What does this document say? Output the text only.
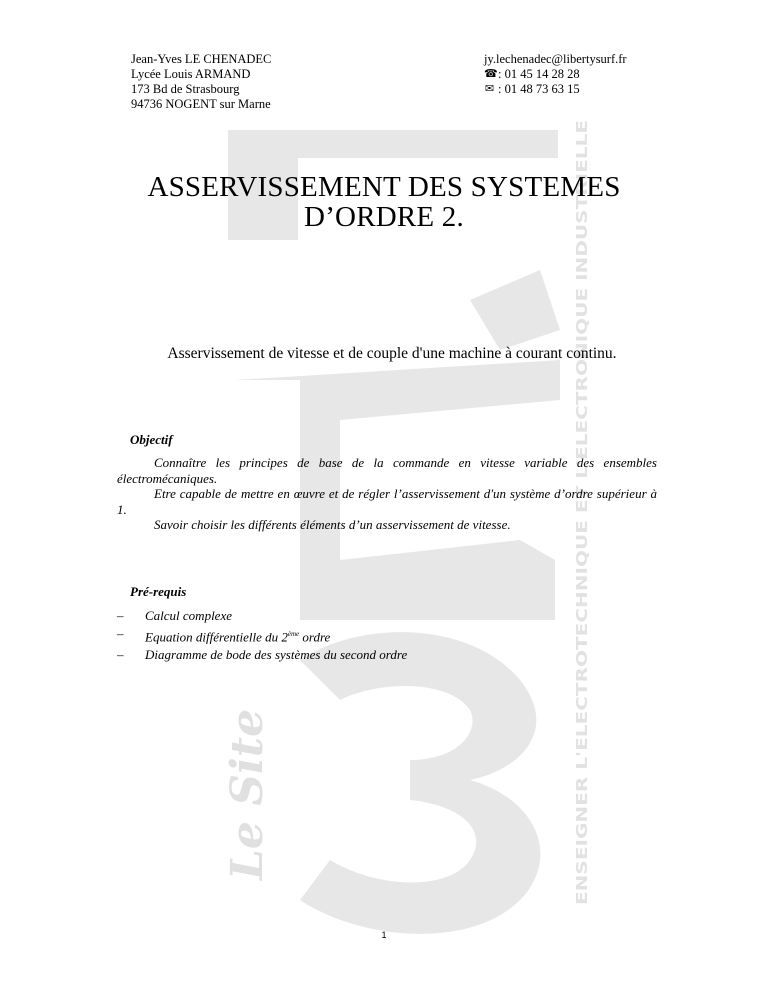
Le Site	ENSEIGNER L'ELECTROTECHNIQUE ET L'ELECTRONIQUE INDUSTRIELLE
Jean-Yves LE CHENADEC
Lycée Louis ARMAND
173 Bd de Strasbourg
94736 NOGENT sur Marne
jy.lechenadec@libertysurf.fr
☎ : 01 45 14 28 28
✉ : 01 48 73 63 15
ASSERVISSEMENT DES SYSTEMES
D’ORDRE 2.
Asservissement de vitesse et de couple d'une machine à courant continu.
Objectif

Connaître les principes de base de la commande en vitesse variable des ensembles électromécaniques.

Etre capable de mettre en œuvre et de régler l’asservissement d'un système d’ordre supérieur à 1.

Savoir choisir les différents éléments d’un asservissement de vitesse.

Pré-requis
–	Calcul complexe
–	Equation différentielle du 2ème ordre
–	Diagramme de bode des systèmes du second ordre
1
